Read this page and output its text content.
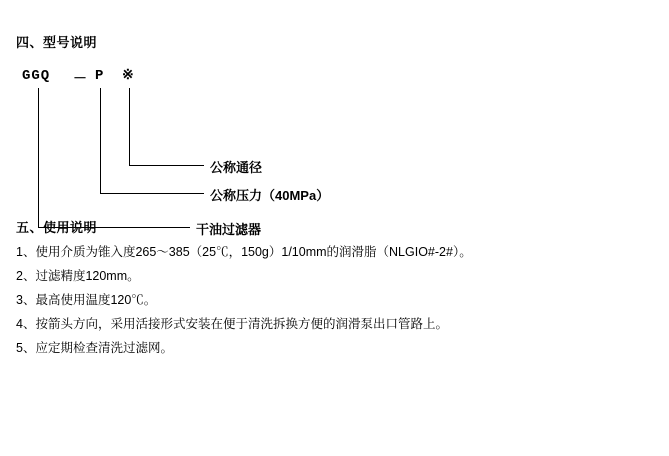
四、型号说明
GGQ － P ※
公称通径
公称压力（40MPa）
干油过滤器
五、使用说明
1、使用介质为锥入度265～385（25℃，150g）1/10mm的润滑脂（NLGIO#-2#）。
2、过滤精度120mm。
3、最高使用温度120℃。
4、按箭头方向，采用活接形式安装在便于清洗拆换方便的润滑泵出口管路上。
5、应定期检查清洗过滤网。
